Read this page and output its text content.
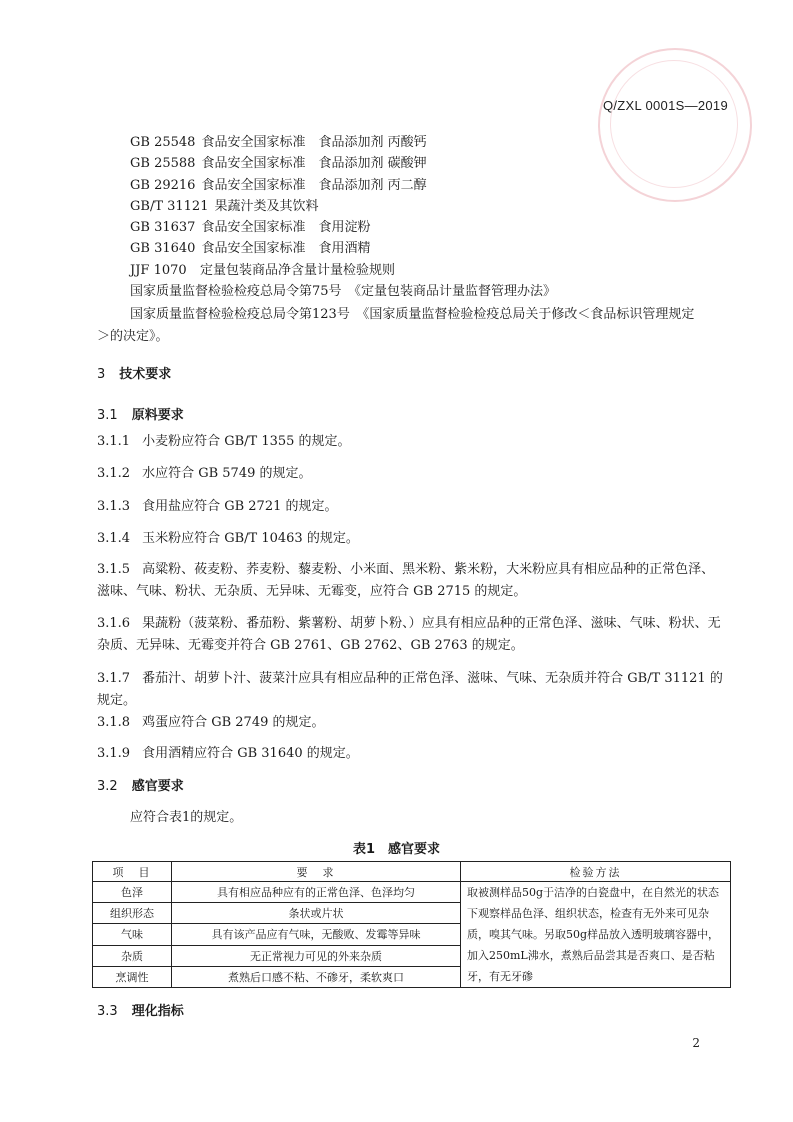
Q/ZXL 0001S—2019
GB 25548 食品安全国家标准　食品添加剂 丙酸钙
GB 25588 食品安全国家标准　食品添加剂 碳酸钾
GB 29216 食品安全国家标准　食品添加剂 丙二醇
GB/T 31121 果蔬汁类及其饮料
GB 31637 食品安全国家标准　食用淀粉
GB 31640 食品安全国家标准　食用酒精
JJF 1070 定量包装商品净含量计量检验规则
国家质量监督检验检疫总局令第75号　《定量包装商品计量监督管理办法》
国家质量监督检验检疫总局令第123号　《国家质量监督检验检疫总局关于修改＜食品标识管理规定＞的决定》。
3 技术要求
3.1 原料要求
3.1.1 小麦粉应符合 GB/T 1355 的规定。
3.1.2 水应符合 GB 5749 的规定。
3.1.3 食用盐应符合 GB 2721 的规定。
3.1.4 玉米粉应符合 GB/T 10463 的规定。
3.1.5 高粱粉、莜麦粉、荞麦粉、藜麦粉、小米面、黑米粉、紫米粉，大米粉应具有相应品种的正常色泽、滋味、气味、粉状、无杂质、无异味、无霉变，应符合 GB 2715 的规定。
3.1.6 果蔬粉（菠菜粉、番茄粉、紫薯粉、胡萝卜粉、）应具有相应品种的正常色泽、滋味、气味、粉状、无杂质、无异味、无霉变并符合 GB 2761、GB 2762、GB 2763 的规定。
3.1.7 番茄汁、胡萝卜汁、菠菜汁应具有相应品种的正常色泽、滋味、气味、无杂质并符合 GB/T 31121 的规定。
3.1.8 鸡蛋应符合 GB 2749 的规定。
3.1.9 食用酒精应符合 GB 31640 的规定。
3.2 感官要求
应符合表1的规定。
表1　感官要求
项　目	要　求	检验方法
色泽	具有相应品种应有的正常色泽、色泽均匀	取被测样品50g于洁净的白瓷盘中，在自然光的状态下观察样品色泽、组织状态，检查有无外来可见杂质，嗅其气味。另取50g样品放入透明玻璃容器中，加入250mL沸水，煮熟后品尝其是否爽口、是否粘牙，有无牙碜
组织形态	条状或片状	
气味	具有该产品应有气味，无酸败、发霉等异味	
杂质	无正常视力可见的外来杂质	
烹调性	煮熟后口感不粘、不碜牙，柔软爽口	
3.3 理化指标
2
